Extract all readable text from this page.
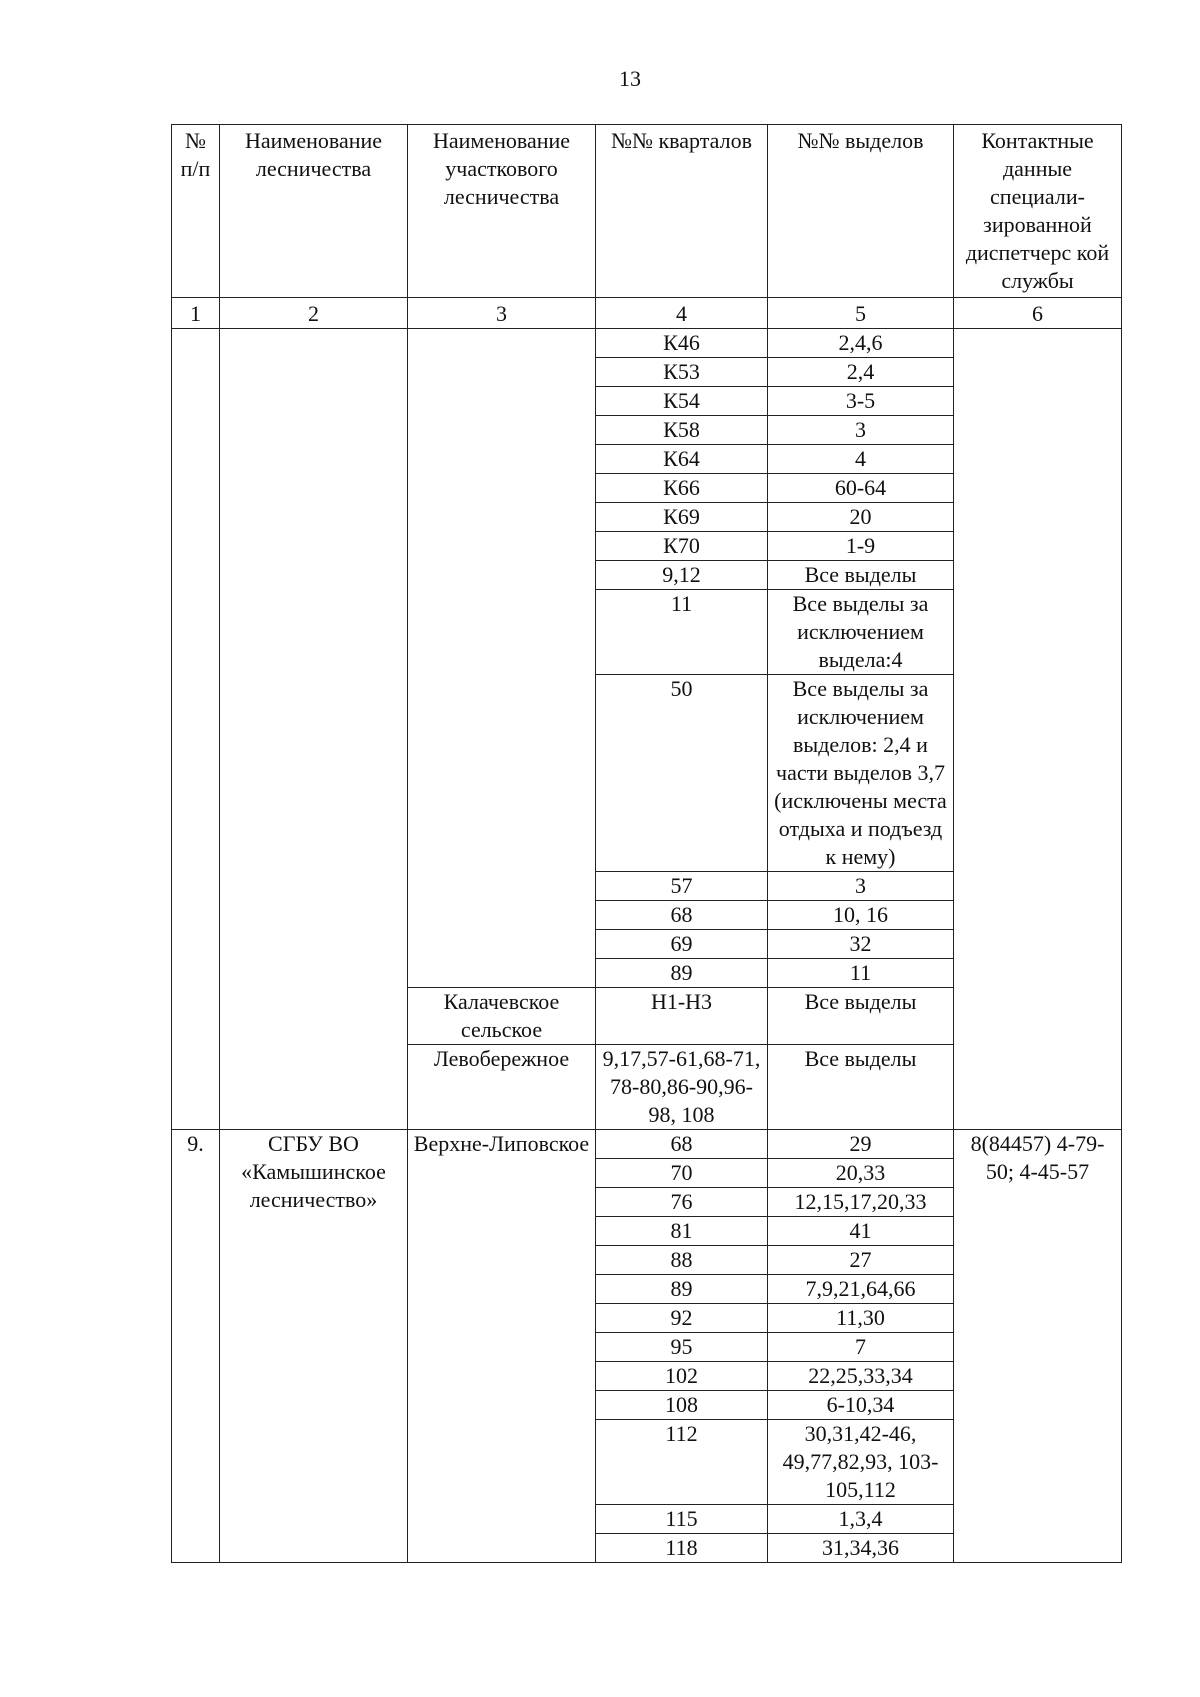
13
№ п/п	Наименование лесничества	Наименование участкового лесничества	№№ кварталов	№№ выделов	Контактные данные специали-зированной диспетчерс кой службы
1	2	3	4	5	6
			К46	2,4,6	
			К53	2,4	
			К54	3-5	
			К58	3	
			К64	4	
			К66	60-64	
			К69	20	
			К70	1-9	
			9,12	Все выделы	
			11	Все выделы за исключением выдела:4	
			50	Все выделы за исключением выделов: 2,4 и части выделов 3,7 (исключены места отдыха и подъезд к нему)	
			57	3	
			68	10, 16	
			69	32	
			89	11	
		Калачевское сельское	Н1-Н3	Все выделы	
		Левобережное	9,17,57-61,68-71, 78-80,86-90,96-98, 108	Все выделы	
9.	СГБУ ВО «Камышинское лесничество»	Верхне-Липовское	68	29	8(84457) 4-79-50; 4-45-57
			70	20,33	
			76	12,15,17,20,33	
			81	41	
			88	27	
			89	7,9,21,64,66	
			92	11,30	
			95	7	
			102	22,25,33,34	
			108	6-10,34	
			112	30,31,42-46, 49,77,82,93, 103-105,112	
			115	1,3,4	
			118	31,34,36	
